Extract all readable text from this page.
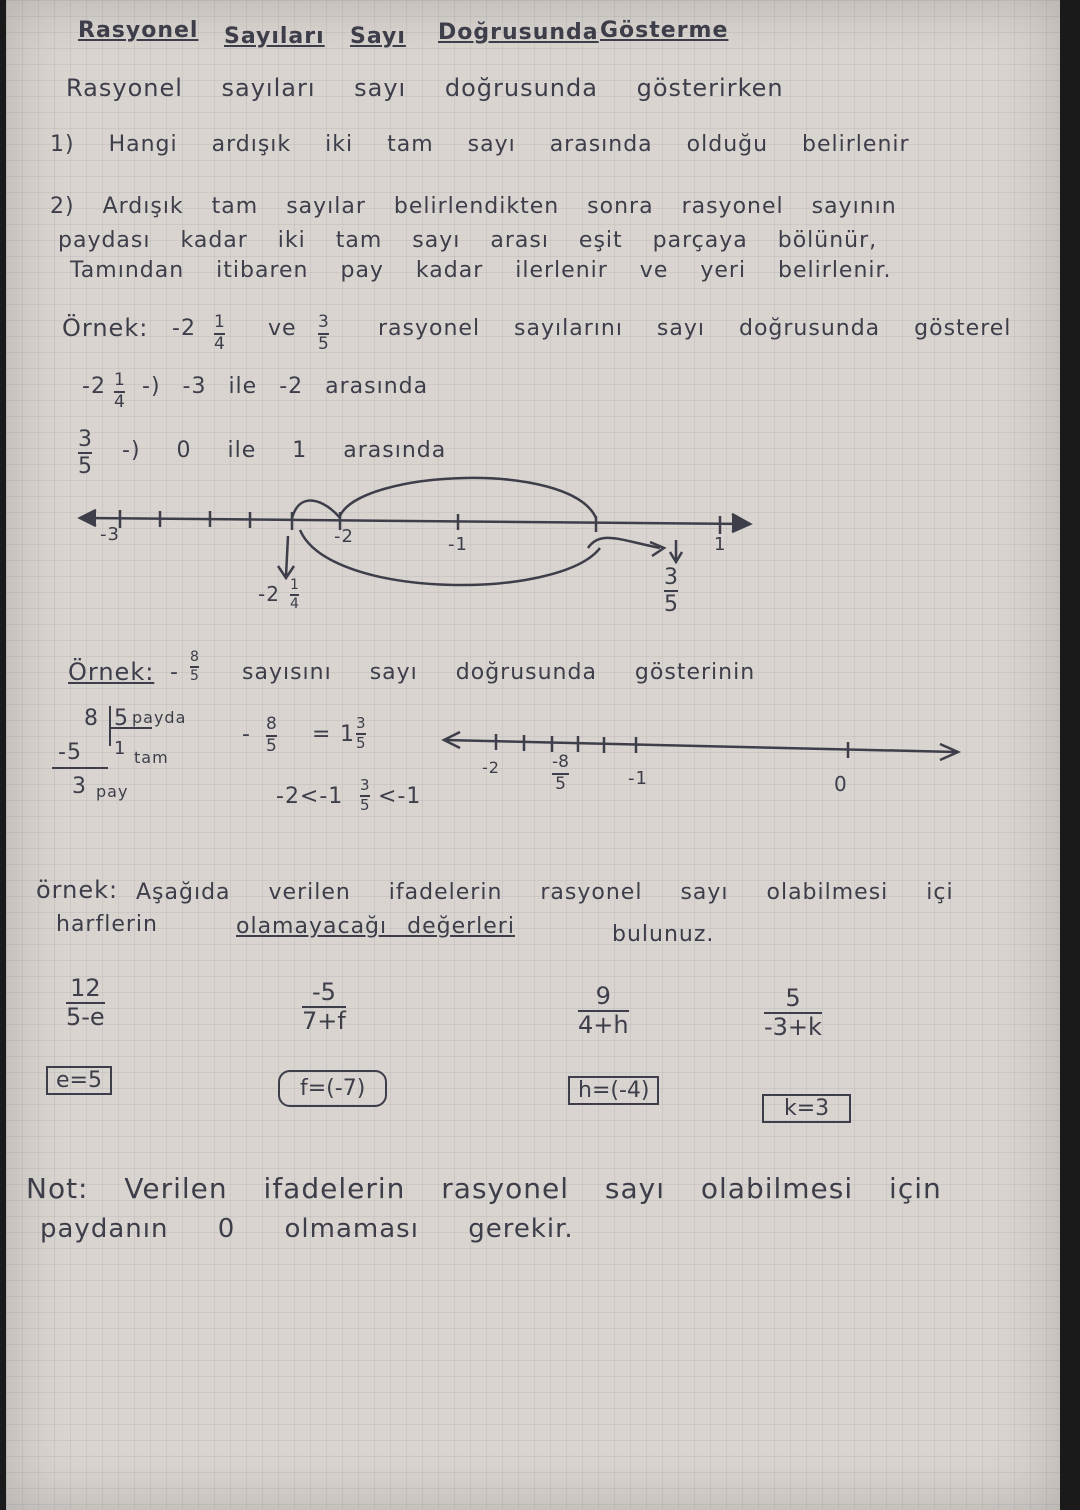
Rasyonel Sayıları Sayı Doğrusunda Gösterme
Rasyonel sayıları sayı doğrusunda gösterirken
1) Hangi ardışık iki tam sayı arasında olduğu belirlenir
2) Ardışık tam sayılar belirlendikten sonra rasyonel sayının
paydası kadar iki tam sayı arası eşit parçaya bölünür,
Tamından itibaren pay kadar ilerlenir ve yeri belirlenir.
Örnek: -2 1
4
ve 3
5
rasyonel sayılarını sayı doğrusunda gösterel
-2 1
4
-) -3 ile -2 arasında
3
5
-) 0 ile 1 arasında
-3	-2	-1	1
-2 1
4
3
5
Örnek: -
8
5 sayısını sayı doğrusunda gösterinin
8 5 payda
-5 1 tam
3 pay
- 8
5 = 1 3
5
-2<-1 3
5 <-1
-2
-1	0
-8
5
örnek: Aşağıda verilen ifadelerin rasyonel sayı olabilmesi içi
harflerin	olamayacağı değerleri	bulunuz.
12
5-e
-5
7+f
9
4+h
5
-3+k
e=5	f=(-7)	h=(-4)
k=3
Not: Verilen ifadelerin rasyonel sayı olabilmesi için
paydanın 0 olmaması gerekir.
